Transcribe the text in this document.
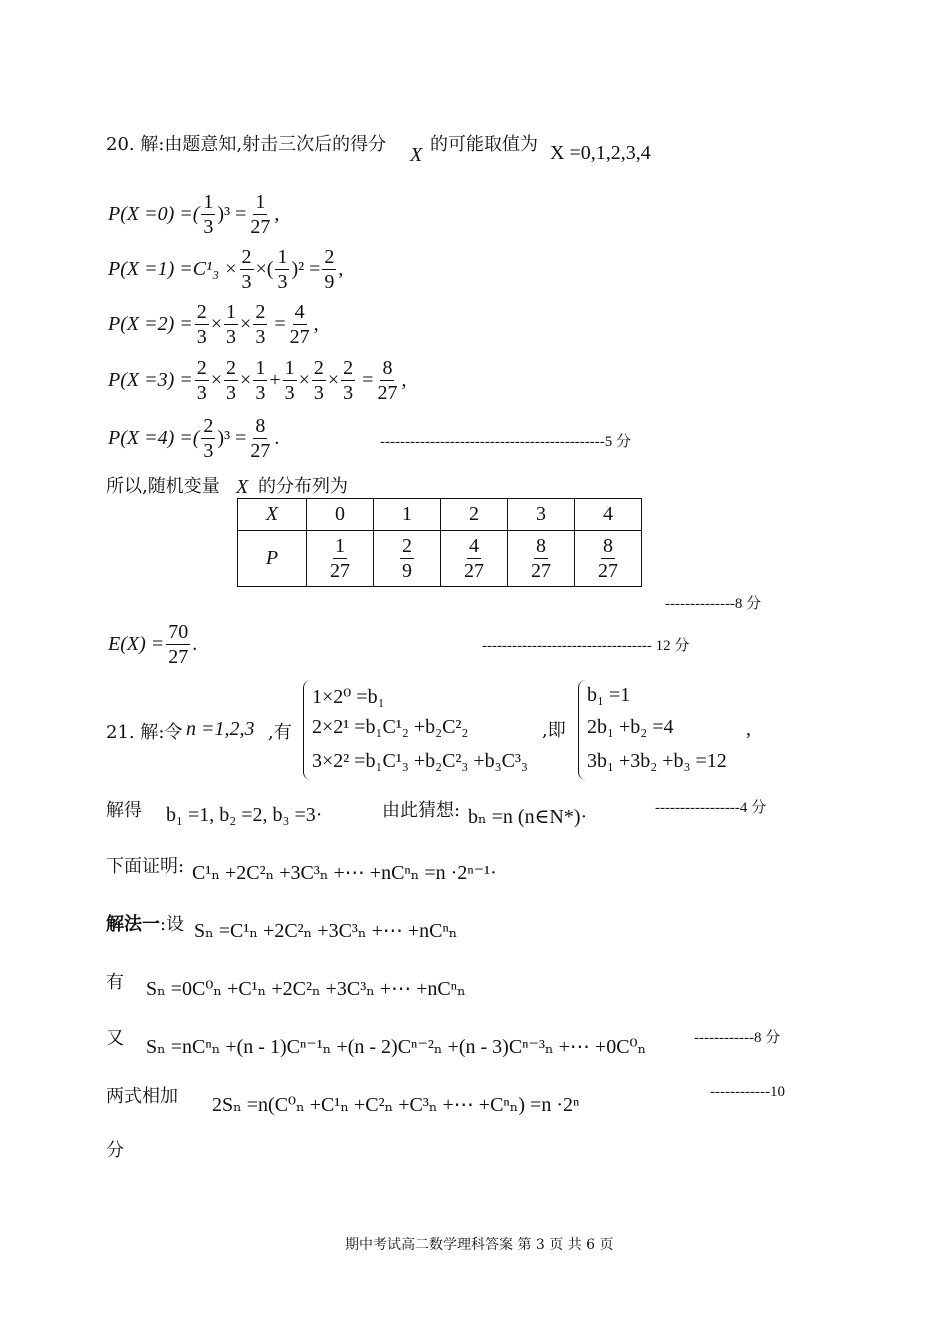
20. 解:由题意知,射击三次后的得分 X 的可能取值为 X =0,1,2,3,4
P(X =0) =( $\frac{1}{3} )^3 = \frac{1}{27}$ ,
$P(X =1) =C^1_3 \times \frac{2}{3}$ ×( $\frac{1}{3} )^2 = \frac{2}{9}$ ,
$P(X =2) = \frac{2}{3} \times \frac{1}{3} \times \frac{2}{3} = \frac{4}{27}$ ,
$P(X =3) = \frac{2}{3} \times \frac{2}{3} \times \frac{1}{3} + \frac{1}{3} \times \frac{2}{3} \times \frac{2}{3} = \frac{8}{27}$ ,
P(X =4) =( $\frac{2}{3} )^3 = \frac{8}{27}$ .	---------------------------------------------5 分
所以,随机变量 X 的分布列为
X	0	1	2	3	4
P	$\frac{1}{27}$	$\frac{2}{9}$	$\frac{4}{27}$	$\frac{8}{27}$	$\frac{8}{27}$
--------------8 分
$E(X) = \frac{70}{27}$ .	---------------------------------- 12 分
21. 解:令 n =1,2,3 ,有
1×2⁰ =b₁
2×2¹ =b₁C¹₂ +b₂C²₂
3×2² =b₁C¹₃ +b₂C²₃ +b₃C³₃
,即
b₁ =1
2b₁ +b₂ =4
3b₁ +3b₂ +b₃ =12
,
解得 b₁ =1, b₂ =2, b₃ =3·	由此猜想: bₙ =n (n∈N*)·	-----------------4 分
下面证明: C¹ₙ +2C²ₙ +3C³ₙ +⋯ +nCⁿₙ =n ·2ⁿ⁻¹·
解法一:设 Sₙ =C¹ₙ +2C²ₙ +3C³ₙ +⋯ +nCⁿₙ
有 Sₙ =0C⁰ₙ +C¹ₙ +2C²ₙ +3C³ₙ +⋯ +nCⁿₙ
又 Sₙ =nCⁿₙ +(n - 1)Cⁿ⁻¹ₙ +(n - 2)Cⁿ⁻²ₙ +(n - 3)Cⁿ⁻³ₙ +⋯ +0C⁰ₙ	------------8 分
两式相加 2Sₙ =n(C⁰ₙ +C¹ₙ +C²ₙ +C³ₙ +⋯ +Cⁿₙ) =n ·2ⁿ
------------10
分
期中考试高二数学理科答案 第 3 页 共 6 页
